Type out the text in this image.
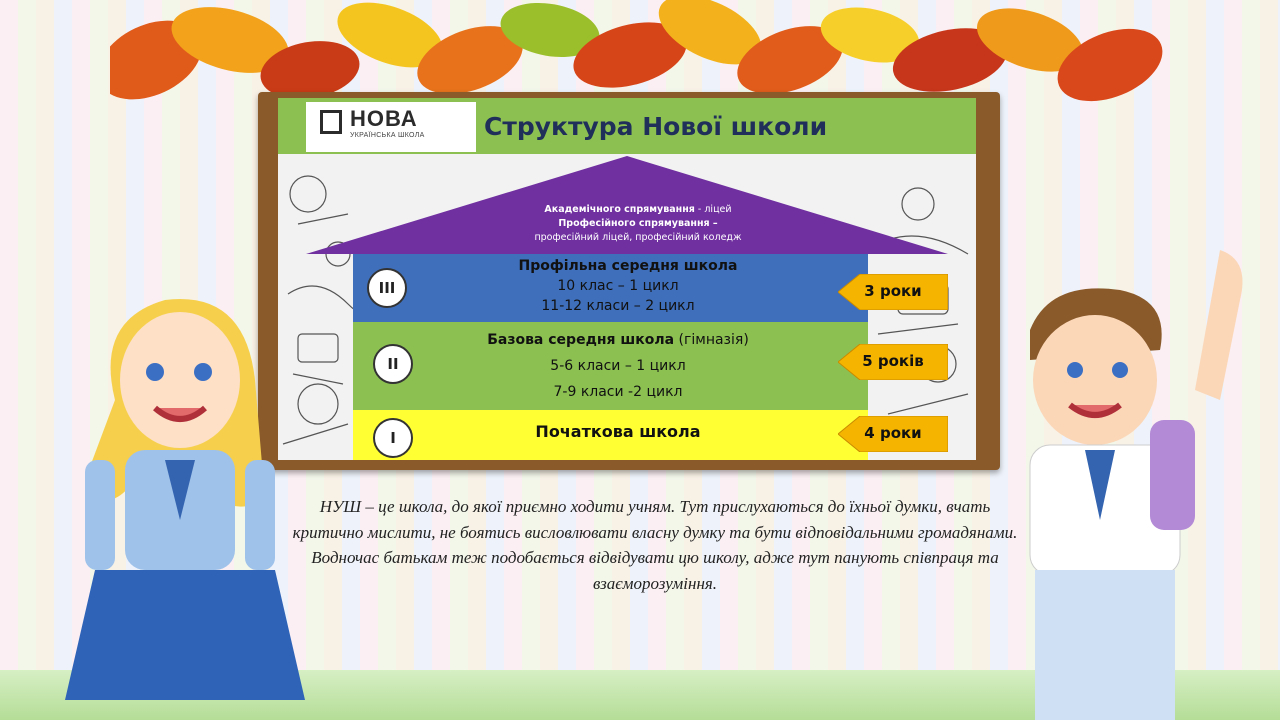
НОВА
УКРАЇНСЬКА ШКОЛА Структура Нової школи
Академічного спрямування - ліцей
Професійного спрямування –
професійний ліцей, професійний коледж
III
Профільна середня школа
10 клас – 1 цикл
11-12 класи – 2 цикл
II
Базова середня школа (гімназія)
5-6 класи – 1 цикл
7-9 класи -2 цикл
I	Початкова школа
3 роки
5 років
4 роки
НУШ – це школа, до якої приємно ходити учням. Тут прислухаються до їхньої думки, вчать критично мислити, не боятись висловлювати власну думку та бути відповідальними громадянами. Водночас батькам теж подобається відвідувати цю школу, адже тут панують співпраця та взаєморозуміння.
